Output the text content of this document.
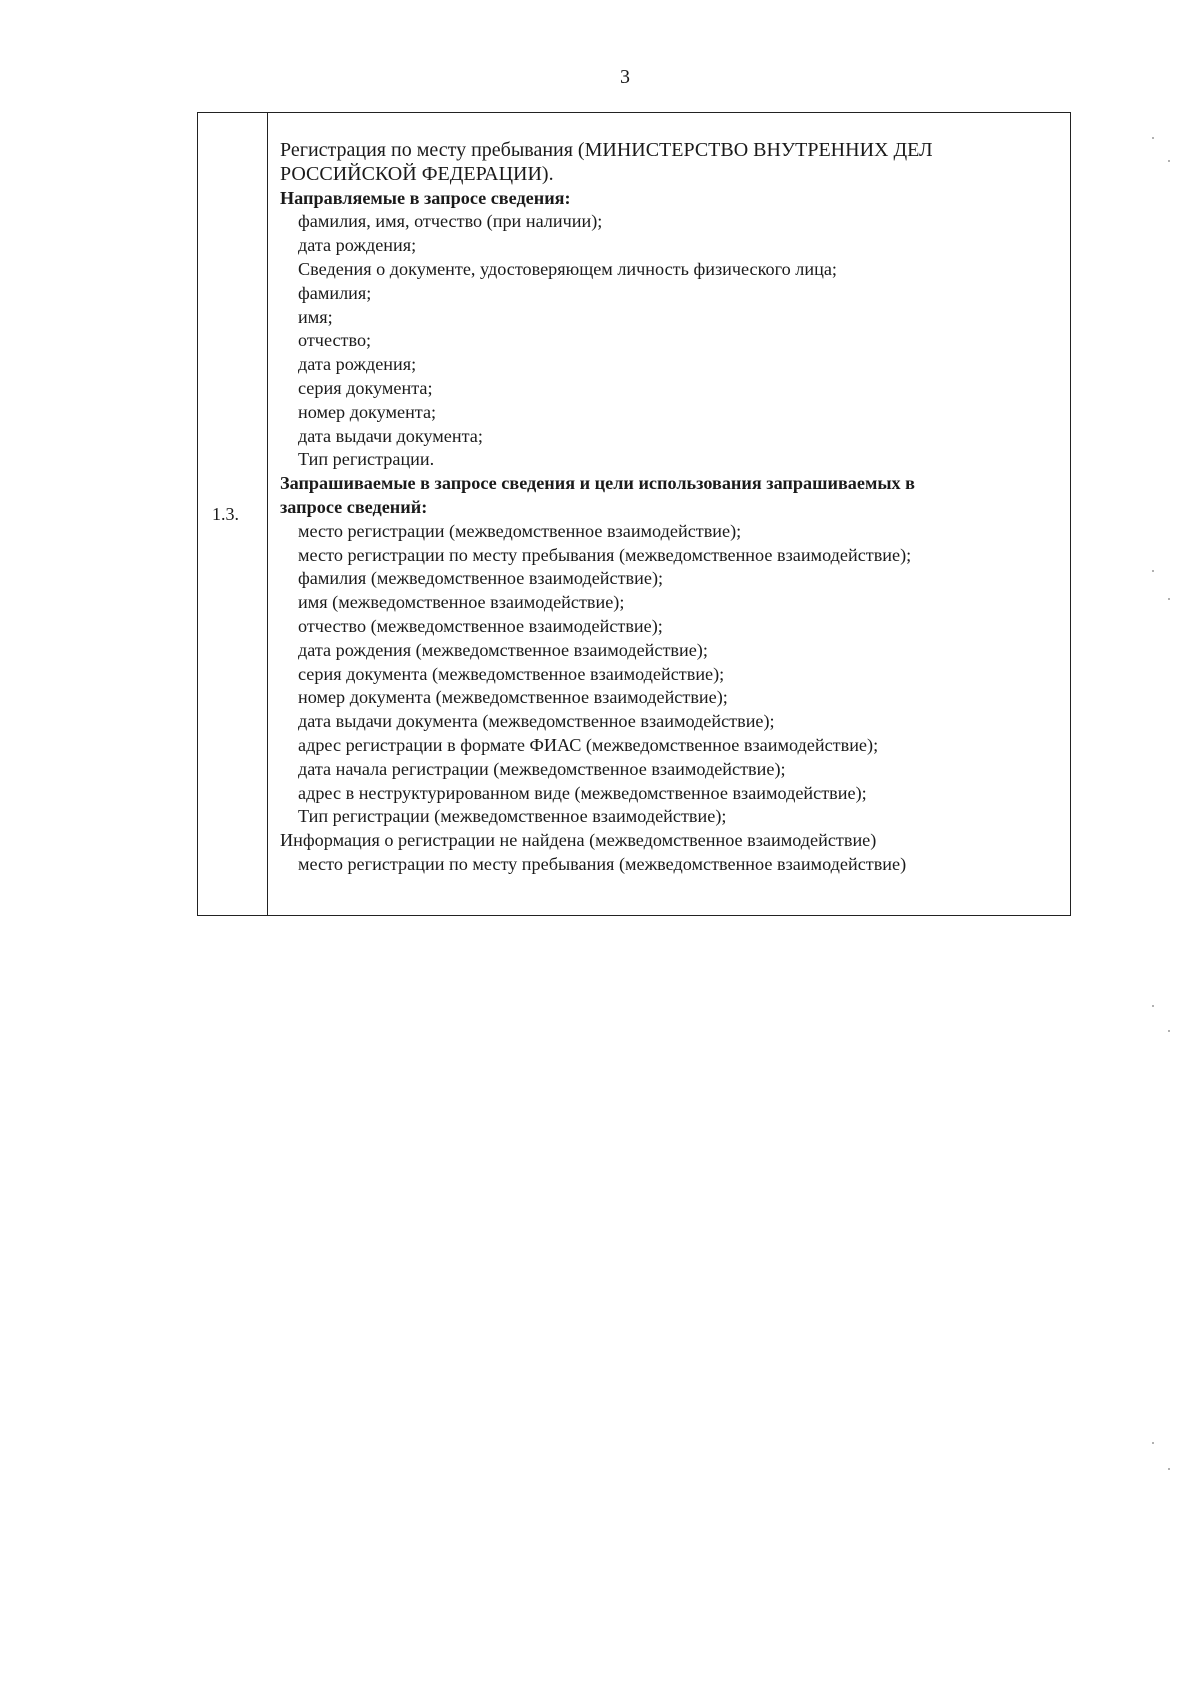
3
1.3.
Регистрация по месту пребывания (МИНИСТЕРСТВО ВНУТРЕННИХ ДЕЛ
РОССИЙСКОЙ ФЕДЕРАЦИИ).
Направляемые в запросе сведения:
фамилия, имя, отчество (при наличии);
дата рождения;
Сведения о документе, удостоверяющем личность физического лица;
фамилия;
имя;
отчество;
дата рождения;
серия документа;
номер документа;
дата выдачи документа;
Тип регистрации.
Запрашиваемые в запросе сведения и цели использования запрашиваемых в
запросе сведений:
место регистрации (межведомственное взаимодействие);
место регистрации по месту пребывания (межведомственное взаимодействие);
фамилия (межведомственное взаимодействие);
имя (межведомственное взаимодействие);
отчество (межведомственное взаимодействие);
дата рождения (межведомственное взаимодействие);
серия документа (межведомственное взаимодействие);
номер документа (межведомственное взаимодействие);
дата выдачи документа (межведомственное взаимодействие);
адрес регистрации в формате ФИАС (межведомственное взаимодействие);
дата начала регистрации (межведомственное взаимодействие);
адрес в неструктурированном виде (межведомственное взаимодействие);
Тип регистрации (межведомственное взаимодействие);
Информация о регистрации не найдена (межведомственное взаимодействие)
место регистрации по месту пребывания (межведомственное взаимодействие)
